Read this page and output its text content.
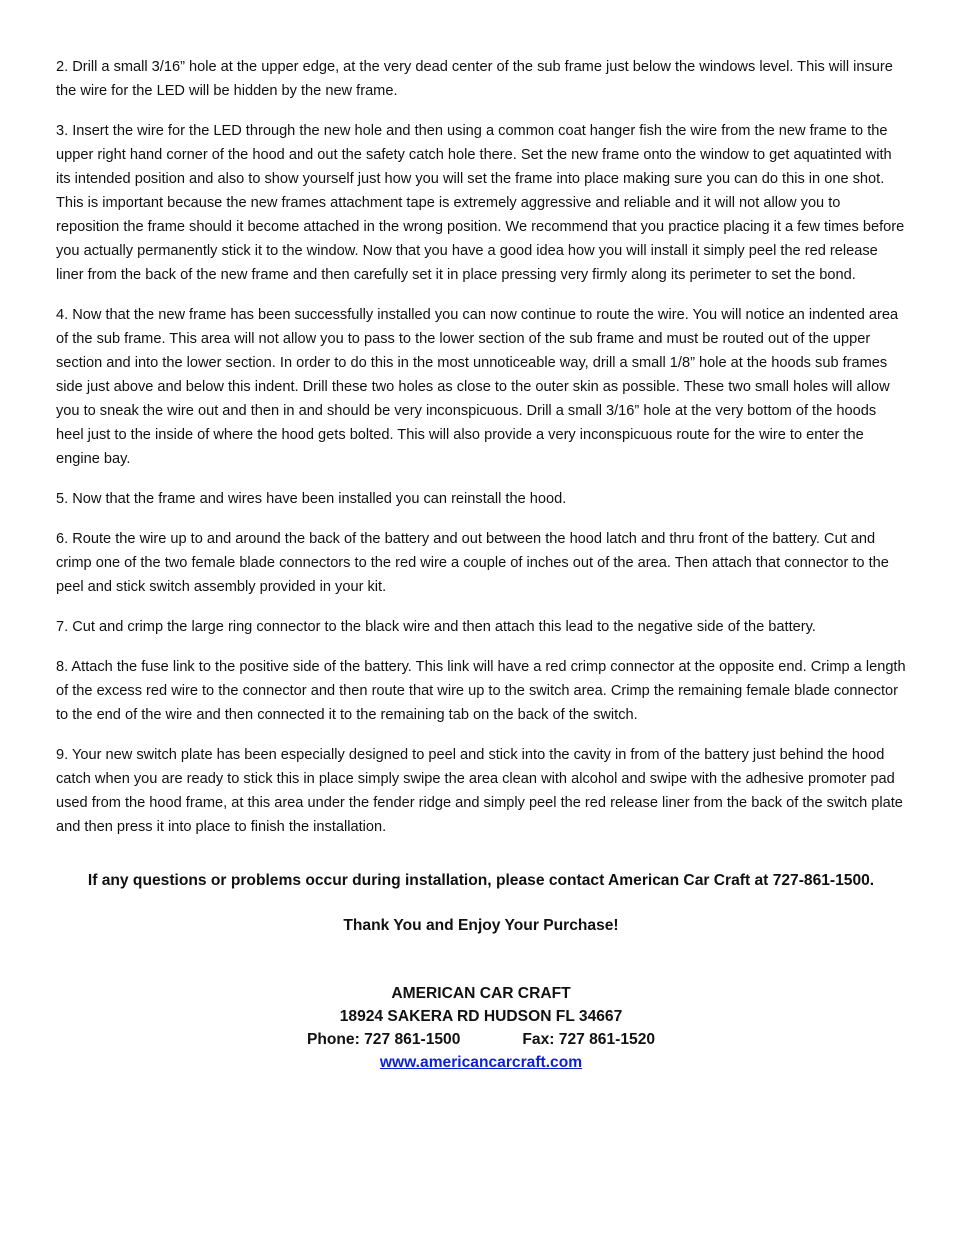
2. Drill a small 3/16” hole at the upper edge, at the very dead center of the sub frame just below the windows level. This will insure the wire for the LED will be hidden by the new frame.

3. Insert the wire for the LED through the new hole and then using a common coat hanger fish the wire from the new frame to the upper right hand corner of the hood and out the safety catch hole there. Set the new frame onto the window to get aquatinted with its intended position and also to show yourself just how you will set the frame into place making sure you can do this in one shot. This is important because the new frames attachment tape is extremely aggressive and reliable and it will not allow you to reposition the frame should it become attached in the wrong position. We recommend that you practice placing it a few times before you actually permanently stick it to the window. Now that you have a good idea how you will install it simply peel the red release liner from the back of the new frame and then carefully set it in place pressing very firmly along its perimeter to set the bond.

4. Now that the new frame has been successfully installed you can now continue to route the wire. You will notice an indented area of the sub frame. This area will not allow you to pass to the lower section of the sub frame and must be routed out of the upper section and into the lower section. In order to do this in the most unnoticeable way, drill a small 1/8” hole at the hoods sub frames side just above and below this indent. Drill these two holes as close to the outer skin as possible. These two small holes will allow you to sneak the wire out and then in and should be very inconspicuous. Drill a small 3/16” hole at the very bottom of the hoods heel just to the inside of where the hood gets bolted. This will also provide a very inconspicuous route for the wire to enter the engine bay.

5. Now that the frame and wires have been installed you can reinstall the hood.

6. Route the wire up to and around the back of the battery and out between the hood latch and thru front of the battery. Cut and crimp one of the two female blade connectors to the red wire a couple of inches out of the area. Then attach that connector to the peel and stick switch assembly provided in your kit.

7. Cut and crimp the large ring connector to the black wire and then attach this lead to the negative side of the battery.

8. Attach the fuse link to the positive side of the battery. This link will have a red crimp connector at the opposite end. Crimp a length of the excess red wire to the connector and then route that wire up to the switch area. Crimp the remaining female blade connector to the end of the wire and then connected it to the remaining tab on the back of the switch.

9. Your new switch plate has been especially designed to peel and stick into the cavity in from of the battery just behind the hood catch when you are ready to stick this in place simply swipe the area clean with alcohol and swipe with the adhesive promoter pad used from the hood frame, at this area under the fender ridge and simply peel the red release liner from the back of the switch plate and then press it into place to finish the installation.

If any questions or problems occur during installation, please contact American Car Craft at 727-861-1500.
Thank You and Enjoy Your Purchase!
AMERICAN CAR CRAFT
18924 SAKERA RD HUDSON FL 34667
Phone: 727 861-1500	Fax: 727 861-1520
www.americancarcraft.com
